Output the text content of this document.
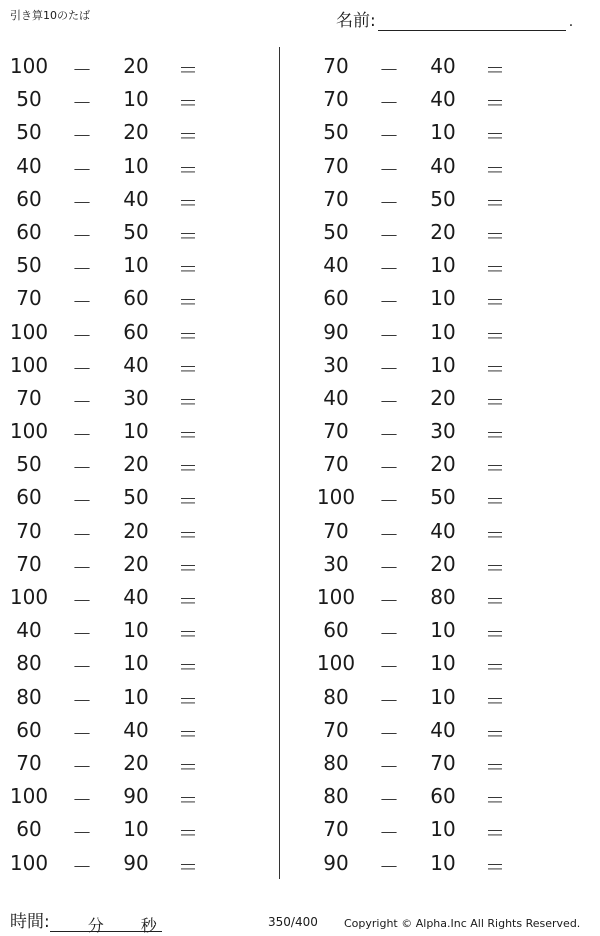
引き算10のたば	名前:	.
100 －	20	＝
50	－	10	＝
50	－	20	＝
40	－	10	＝
60	－	40	＝
60	－	50	＝
50	－	10	＝
70	－	60	＝
100 －	60	＝
100 －	40	＝
70	－	30	＝
100 －	10	＝
50	－	20	＝
60	－	50	＝
70	－	20	＝
70	－	20	＝
100 －	40	＝
40	－	10	＝
80	－	10	＝
80	－	10	＝
60	－	40	＝
70	－	20	＝
100 －	90	＝
60	－	10	＝
100 －	90	＝
70	－	40	＝
70	－	40	＝
50	－	10	＝
70	－	40	＝
70	－	50	＝
50	－	20	＝
40	－	10	＝
60	－	10	＝
90	－	10	＝
30	－	10	＝
40	－	20	＝
70	－	30	＝
70	－	20	＝
100 －	50	＝
70	－	40	＝
30	－	20	＝
100 －	80	＝
60	－	10	＝
100 －	10	＝
80	－	10	＝
70	－	40	＝
80	－	70	＝
80	－	60	＝
70	－	10	＝
90	－	10	＝
時間: 分 秒	350/400 Copyright © Alpha.Inc All Rights Reserved.
